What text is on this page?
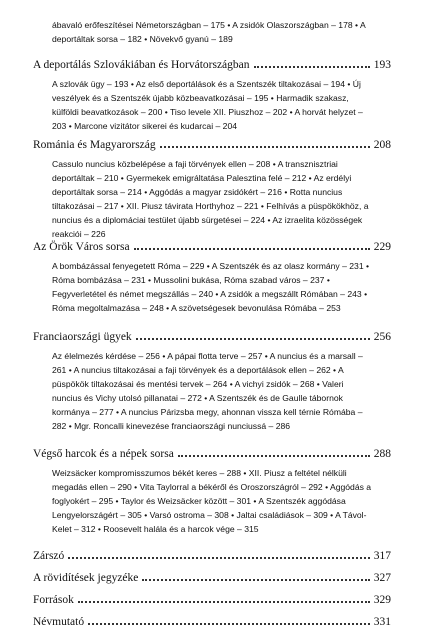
ábavaló erőfeszítései Németországban – 175 • A zsidók Olaszországban – 178 • A deportáltak sorsa – 182 • Növekvő gyanú – 189
A deportálás Szlovákiában és Horvátországban	193
A szlovák ügy – 193 • Az első deportálások és a Szentszék tiltakozásai – 194 • Új veszélyek és a Szentszék újabb közbeavatkozásai – 195 • Harmadik szakasz, külföldi beavatkozások – 200 • Tiso levele XII. Piuszhoz – 202 • A horvát helyzet – 203 • Marcone vizitátor sikerei és kudarcai – 204
Románia és Magyarország	208
Cassulo nuncius közbelépése a faji törvények ellen – 208 • A transznisztriai deportáltak – 210 • Gyermekek emigráltatása Palesztina felé – 212 • Az erdélyi deportáltak sorsa – 214 • Aggódás a magyar zsidókért – 216 • Rotta nuncius tiltakozásai – 217 • XII. Piusz távirata Horthyhoz – 221 • Felhívás a püspökökhöz, a nuncius és a diplomáciai testület újabb sürgetései – 224 • Az izraelita közösségek reakciói – 226
Az Örök Város sorsa	229
A bombázással fenyegetett Róma – 229 • A Szentszék és az olasz kormány – 231 • Róma bombázása – 231 • Mussolini bukása, Róma szabad város – 237 • Fegyverletétel és német megszállás – 240 • A zsidók a megszállt Rómában – 243 • Róma megoltalmazása – 248 • A szövetségesek bevonulása Rómába – 253
Franciaországi ügyek	256
Az élelmezés kérdése – 256 • A pápai flotta terve – 257 • A nuncius és a marsall – 261 • A nuncius tiltakozásai a faji törvények és a deportálások ellen – 262 • A püspökök tiltakozásai és mentési tervek – 264 • A vichyi zsidók – 268 • Valeri nuncius és Vichy utolsó pillanatai – 272 • A Szentszék és de Gaulle tábornok kormánya – 277 • A nuncius Párizsba megy, ahonnan vissza kell térnie Rómába – 282 • Mgr. Roncalli kinevezése franciaországi nunciussá – 286
Végső harcok és a népek sorsa	288
Weizsäcker kompromisszumos békét keres – 288 • XII. Piusz a feltétel nélküli megadás ellen – 290 • Vita Taylorral a békéről és Oroszországról – 292 • Aggódás a foglyokért – 295 • Taylor és Weizsäcker között – 301 • A Szentszék aggódása Lengyelországért – 305 • Varsó ostroma – 308 • Jaltai családiások – 309 • A Távol-Kelet – 312 • Roosevelt halála és a harcok vége – 315
Zárszó	317
A rövidítések jegyzéke	327
Források	329
Névmutató	331
